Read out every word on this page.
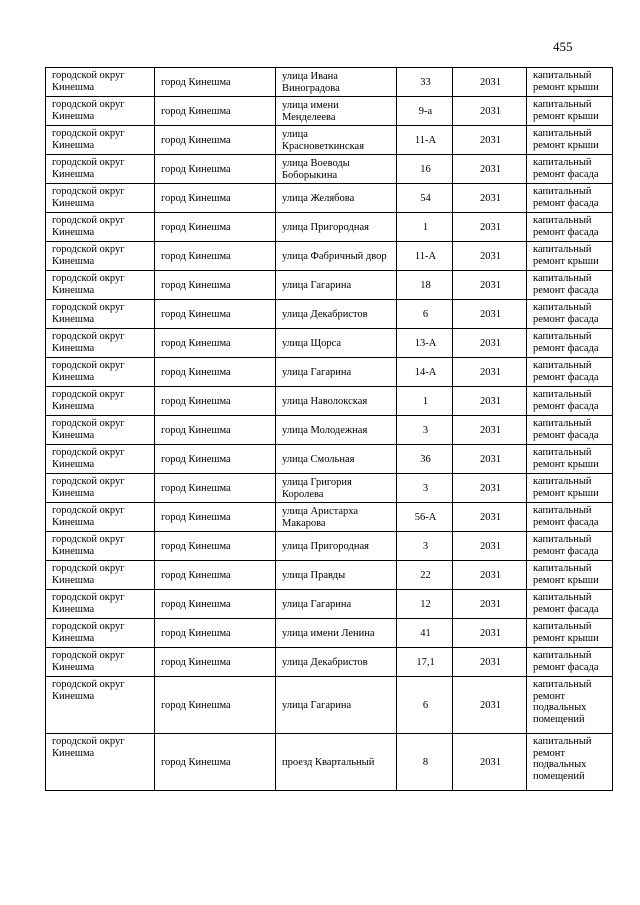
455
городской округ Кинешма	город Кинешма	улица Ивана Виноградова	33	2031	капитальный ремонт крыши
городской округ Кинешма	город Кинешма	улица имени Менделеева	9-а	2031	капитальный ремонт крыши
городской округ Кинешма	город Кинешма	улица Красноветкинская	11-А	2031	капитальный ремонт крыши
городской округ Кинешма	город Кинешма	улица Воеводы Боборыкина	16	2031	капитальный ремонт фасада
городской округ Кинешма	город Кинешма	улица Желябова	54	2031	капитальный ремонт фасада
городской округ Кинешма	город Кинешма	улица Пригородная	1	2031	капитальный ремонт фасада
городской округ Кинешма	город Кинешма	улица Фабричный двор	11-А	2031	капитальный ремонт крыши
городской округ Кинешма	город Кинешма	улица Гагарина	18	2031	капитальный ремонт фасада
городской округ Кинешма	город Кинешма	улица Декабристов	6	2031	капитальный ремонт фасада
городской округ Кинешма	город Кинешма	улица Щорса	13-А	2031	капитальный ремонт фасада
городской округ Кинешма	город Кинешма	улица Гагарина	14-А	2031	капитальный ремонт фасада
городской округ Кинешма	город Кинешма	улица Наволокская	1	2031	капитальный ремонт фасада
городской округ Кинешма	город Кинешма	улица Молодежная	3	2031	капитальный ремонт фасада
городской округ Кинешма	город Кинешма	улица Смольная	36	2031	капитальный ремонт крыши
городской округ Кинешма	город Кинешма	улица Григория Королева	3	2031	капитальный ремонт крыши
городской округ Кинешма	город Кинешма	улица Аристарха Макарова	56-А	2031	капитальный ремонт фасада
городской округ Кинешма	город Кинешма	улица Пригородная	3	2031	капитальный ремонт фасада
городской округ Кинешма	город Кинешма	улица Правды	22	2031	капитальный ремонт крыши
городской округ Кинешма	город Кинешма	улица Гагарина	12	2031	капитальный ремонт фасада
городской округ Кинешма	город Кинешма	улица имени Ленина	41	2031	капитальный ремонт крыши
городской округ Кинешма	город Кинешма	улица Декабристов	17,1	2031	капитальный ремонт фасада
городской округ Кинешма	город Кинешма	улица Гагарина	6	2031	капитальный ремонт подвальных помещений
городской округ Кинешма	город Кинешма	проезд Квартальный	8	2031	капитальный ремонт подвальных помещений
